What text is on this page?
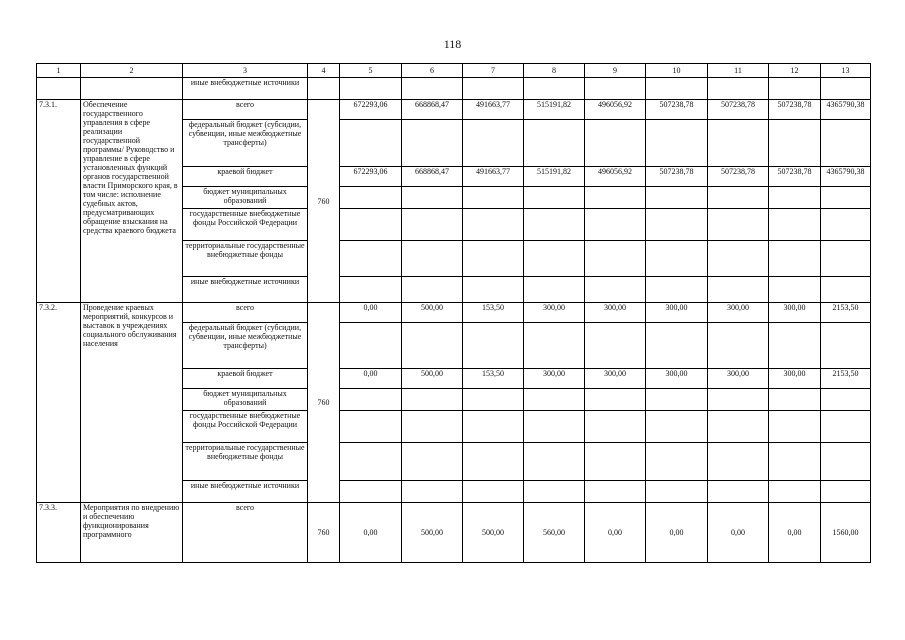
118
1	2	3	4	5	6	7	8	9	10	11	12	13

		иные внебюджетные источники										

7.3.1.	Обеспечение государственного управления в сфере реализации государственной программы/ Руководство и управление в сфере установленных функций органов государственной власти Приморского края, в том числе: исполнение судебных актов, предусматривающих обращение взыскания на средства краевого бюджета	всего	760	672293,06	668868,47	491663,77	515191,82	496056,92	507238,78	507238,78	507238,78	4365790,38

		федеральный бюджет (субсидии, субвенции, иные межбюджетные трансферты)										

		краевой бюджет		672293,06	668868,47	491663,77	515191,82	496056,92	507238,78	507238,78	507238,78	4365790,38

		бюджет муниципальных образований										

		государственные внебюджетные фонды Российской Федерации										

		территориальные государственные внебюджетные фонды										

		иные внебюджетные источники										

7.3.2.	Проведение краевых мероприятий, конкурсов и выставок в учреждениях социального обслуживания населения	всего	760	0,00	500,00	153,50	300,00	300,00	300,00	300,00	300,00	2153,50

		федеральный бюджет (субсидии, субвенции, иные межбюджетные трансферты)										

		краевой бюджет		0,00	500,00	153,50	300,00	300,00	300,00	300,00	300,00	2153,50

		бюджет муниципальных образований										

		государственные внебюджетные фонды Российской Федерации										

		территориальные государственные внебюджетные фонды										

		иные внебюджетные источники										

7.3.3.	Мероприятия по внедрению и обеспечению функционирования программного	всего	760	0,00	500,00	500,00	560,00	0,00	0,00	0,00	0,00	1560,00
